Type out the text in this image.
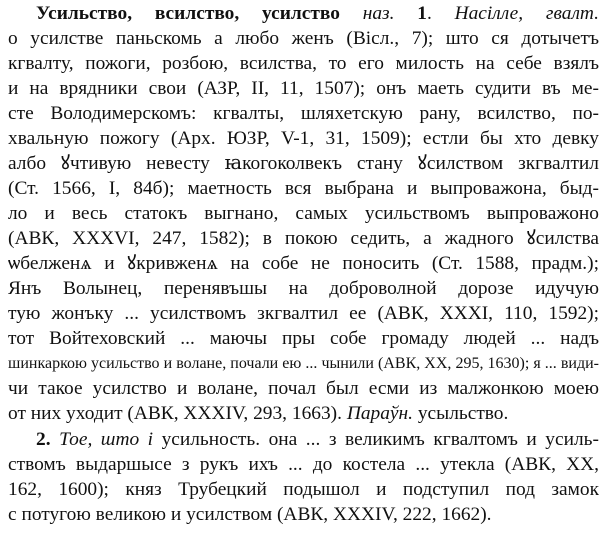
Усильство, всилство, усилство наз. 1. Насілле, гвалт.
о усилстве паньскомь а любо женъ (Вісл., 7); што ся дотычетъ
кгвалту, пожоги, розбою, всилства, то его милость на себе взялъ
и на врядники свои (АЗР, II, 11, 1507); онъ маеть судити въ ме-
сте Володимерскомъ: кгвалты, шляхетскую рану, всилство, по-
хвальную пожогу (Арх. ЮЗР, V-1, 31, 1509); естли бы хто девку
албо ꙋчтивую невесту ꙗкогоколвекъ стану ꙋсилством зкгвалтил
(Ст. 1566, I, 84б); маетность вся выбрана и выпровaжона, быд-
ло и весь статокъ выгнано, самых усильствомъ выпроважоно
(АВК, XXXVI, 247, 1582); в покою седить, а жадного ꙋсилства
ѡбелженѧ и ꙋкривженѧ на собе не поносить (Ст. 1588, прадм.);
Янъ Волынец, перенявъшы на доброволной дорозе идучую
тую жонъку ... усилствомъ зкгвалтил ее (АВК, XXXI, 110, 1592);
тот Войтеховский ... маючы пры собе громаду людей ... надъ
шинкаркою усильство и волане, почали ею ... чынили (АВК, XX, 295, 1630); я ... види-
чи такое усилство и волане, почал был есми из малжонкою моею
от них уходит (АВК, XXXIV, 293, 1663). Параўн. усыльство.
2. Тое, што і усильность. она ... з великимъ кгвалтомъ и усиль-
ствомъ выдаршысе з рукъ ихъ ... до костела ... утекла (АВК, XX,
162, 1600); княз Трубецкий подышол и подступил под замок
с потугою великою и усилством (АВК, XXXIV, 222, 1662).
